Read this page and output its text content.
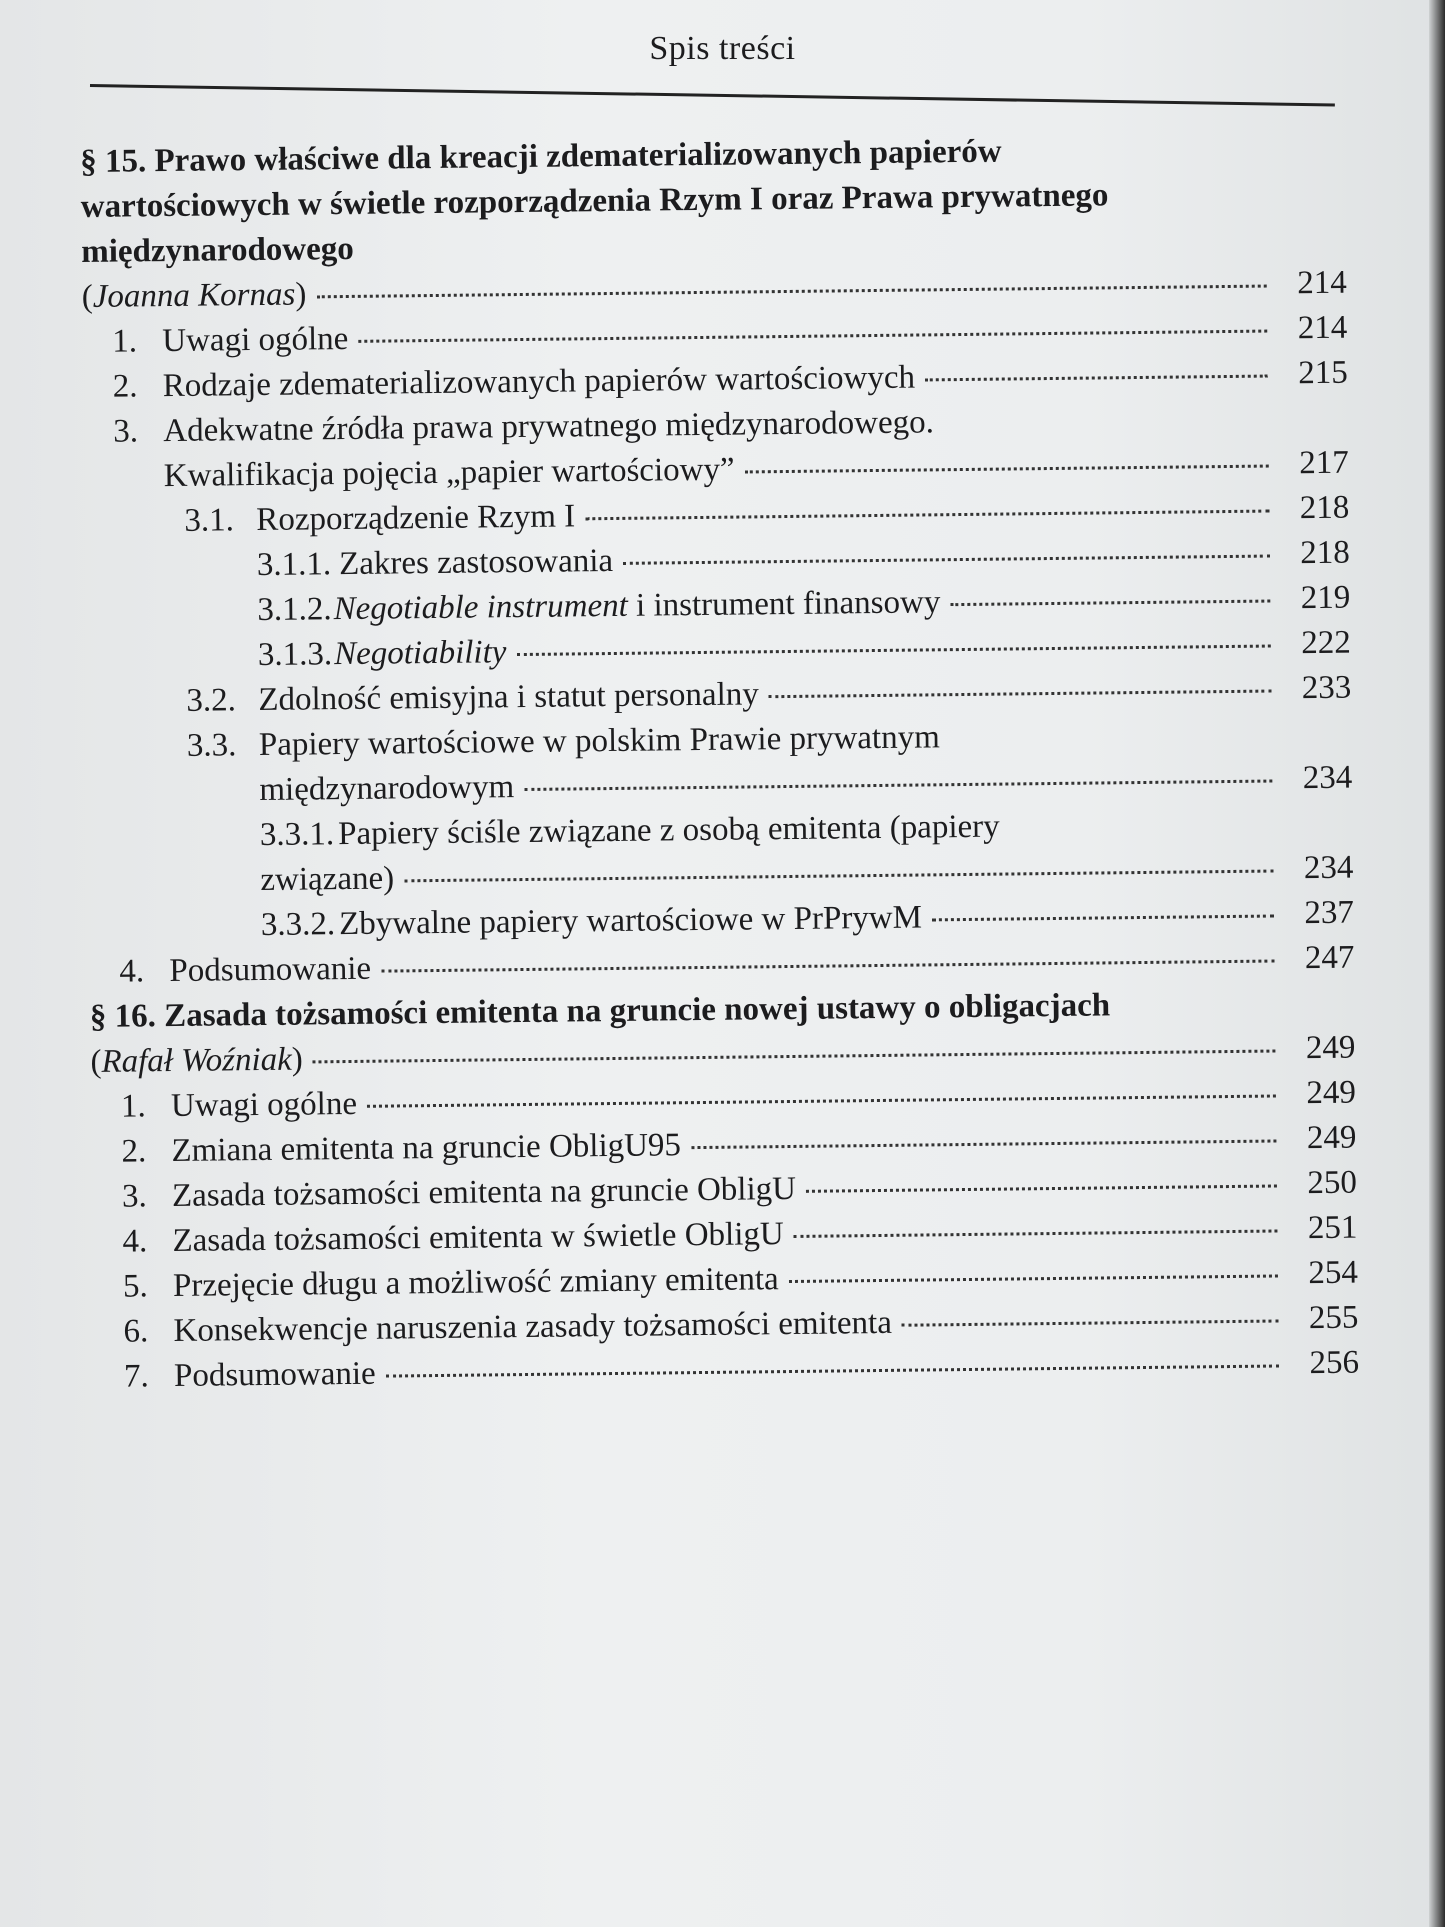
Spis treści
§ 15. Prawo właściwe dla kreacji zdematerializowanych papierów
wartościowych w świetle rozporządzenia Rzym I oraz Prawa prywatnego
międzynarodowego
(Joanna Kornas)	214
1. Uwagi ogólne	214
2. Rodzaje zdematerializowanych papierów wartościowych	215
3. Adekwatne źródła prawa prywatnego międzynarodowego.
Kwalifikacja pojęcia „papier wartościowy”	217
3.1. Rozporządzenie Rzym I	218
3.1.1. Zakres zastosowania	218
3.1.2. Negotiable instrument i instrument finansowy	219
3.1.3. Negotiability	222
3.2. Zdolność emisyjna i statut personalny	233
3.3. Papiery wartościowe w polskim Prawie prywatnym
międzynarodowym	234
3.3.1. Papiery ściśle związane z osobą emitenta (papiery
związane)	234
3.3.2. Zbywalne papiery wartościowe w PrPrywM	237
4. Podsumowanie	247
§ 16. Zasada tożsamości emitenta na gruncie nowej ustawy o obligacjach
(Rafał Woźniak)	249
1. Uwagi ogólne	249
2. Zmiana emitenta na gruncie ObligU95	249
3. Zasada tożsamości emitenta na gruncie ObligU	250
4. Zasada tożsamości emitenta w świetle ObligU	251
5. Przejęcie długu a możliwość zmiany emitenta	254
6. Konsekwencje naruszenia zasady tożsamości emitenta	255
7. Podsumowanie	256
